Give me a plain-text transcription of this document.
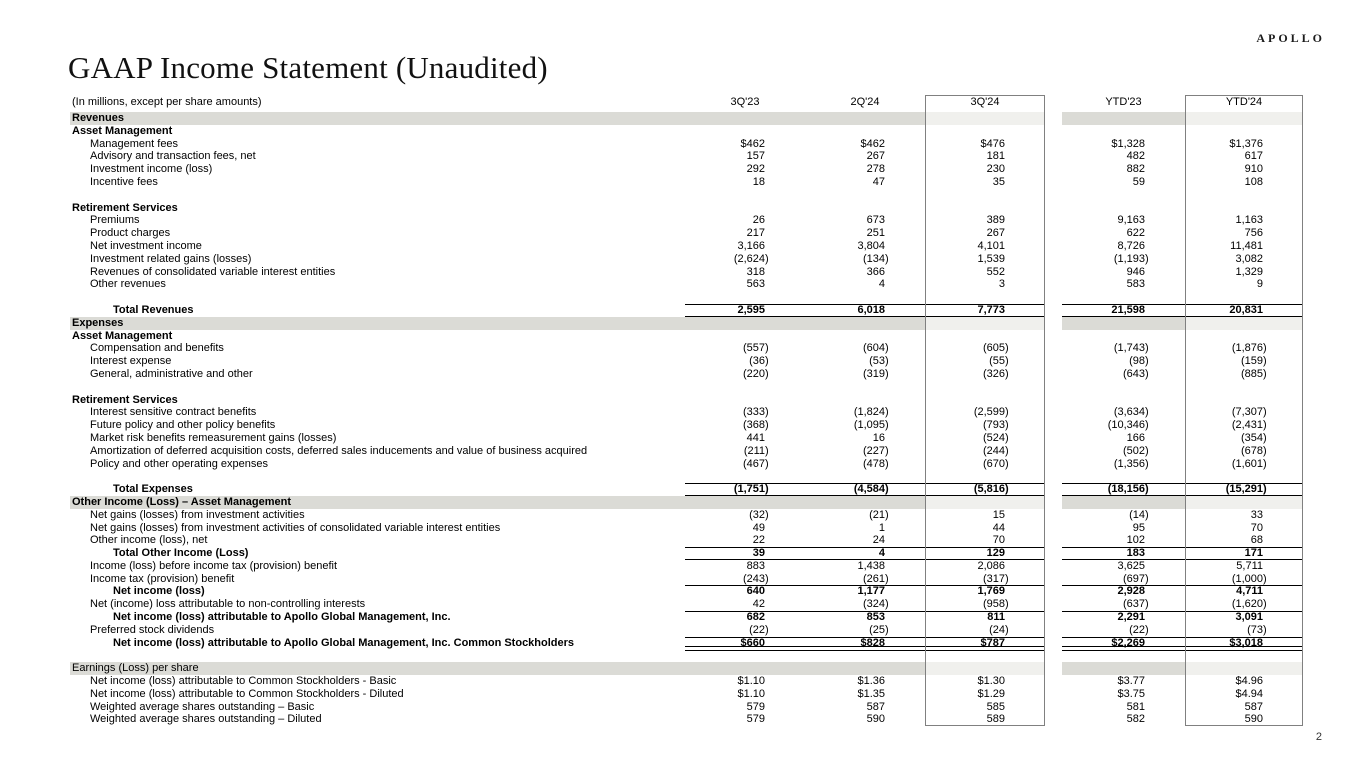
APOLLO
GAAP Income Statement (Unaudited)
(In millions, except per share amounts)	3Q'23	2Q'24	3Q'24	YTD'23	YTD'24
Revenues
Asset Management
Management fees	$462	$462	$476	$1,328	$1,376
Advisory and transaction fees, net	157	267	181	482	617
Investment income (loss)	292	278	230	882	910
Incentive fees	18	47	35	59	108
Retirement Services
Premiums	26	673	389	9,163	1,163
Product charges	217	251	267	622	756
Net investment income	3,166	3,804	4,101	8,726	11,481
Investment related gains (losses)	(2,624)	(134)	1,539	(1,193)	3,082
Revenues of consolidated variable interest entities	318	366	552	946	1,329
Other revenues	563	4	3	583	9
Total Revenues	2,595	6,018	7,773	21,598	20,831
Expenses
Asset Management
Compensation and benefits	(557)	(604)	(605)	(1,743)	(1,876)
Interest expense	(36)	(53)	(55)	(98)	(159)
General, administrative and other	(220)	(319)	(326)	(643)	(885)
Retirement Services
Interest sensitive contract benefits	(333)	(1,824)	(2,599)	(3,634)	(7,307)
Future policy and other policy benefits	(368)	(1,095)	(793)	(10,346)	(2,431)
Market risk benefits remeasurement gains (losses)	441	16	(524)	166	(354)
Amortization of deferred acquisition costs, deferred sales inducements and value of business acquired	(211)	(227)	(244)	(502)	(678)
Policy and other operating expenses	(467)	(478)	(670)	(1,356)	(1,601)
Total Expenses	(1,751)	(4,584)	(5,816)	(18,156)	(15,291)
Other Income (Loss) – Asset Management
Net gains (losses) from investment activities	(32)	(21)	15	(14)	33
Net gains (losses) from investment activities of consolidated variable interest entities	49	1	44	95	70
Other income (loss), net	22	24	70	102	68
Total Other Income (Loss)	39	4	129	183	171
Income (loss) before income tax (provision) benefit	883	1,438	2,086	3,625	5,711
Income tax (provision) benefit	(243)	(261)	(317)	(697)	(1,000)
Net income (loss)	640	1,177	1,769	2,928	4,711
Net (income) loss attributable to non-controlling interests	42	(324)	(958)	(637)	(1,620)
Net income (loss) attributable to Apollo Global Management, Inc.	682	853	811	2,291	3,091
Preferred stock dividends	(22)	(25)	(24)	(22)	(73)
Net income (loss) attributable to Apollo Global Management, Inc. Common Stockholders	$660	$828	$787	$2,269	$3,018
Earnings (Loss) per share
Net income (loss) attributable to Common Stockholders - Basic	$1.10	$1.36	$1.30	$3.77	$4.96
Net income (loss) attributable to Common Stockholders - Diluted	$1.10	$1.35	$1.29	$3.75	$4.94
Weighted average shares outstanding – Basic	579	587	585	581	587
Weighted average shares outstanding – Diluted	579	590	589	582	590
2
